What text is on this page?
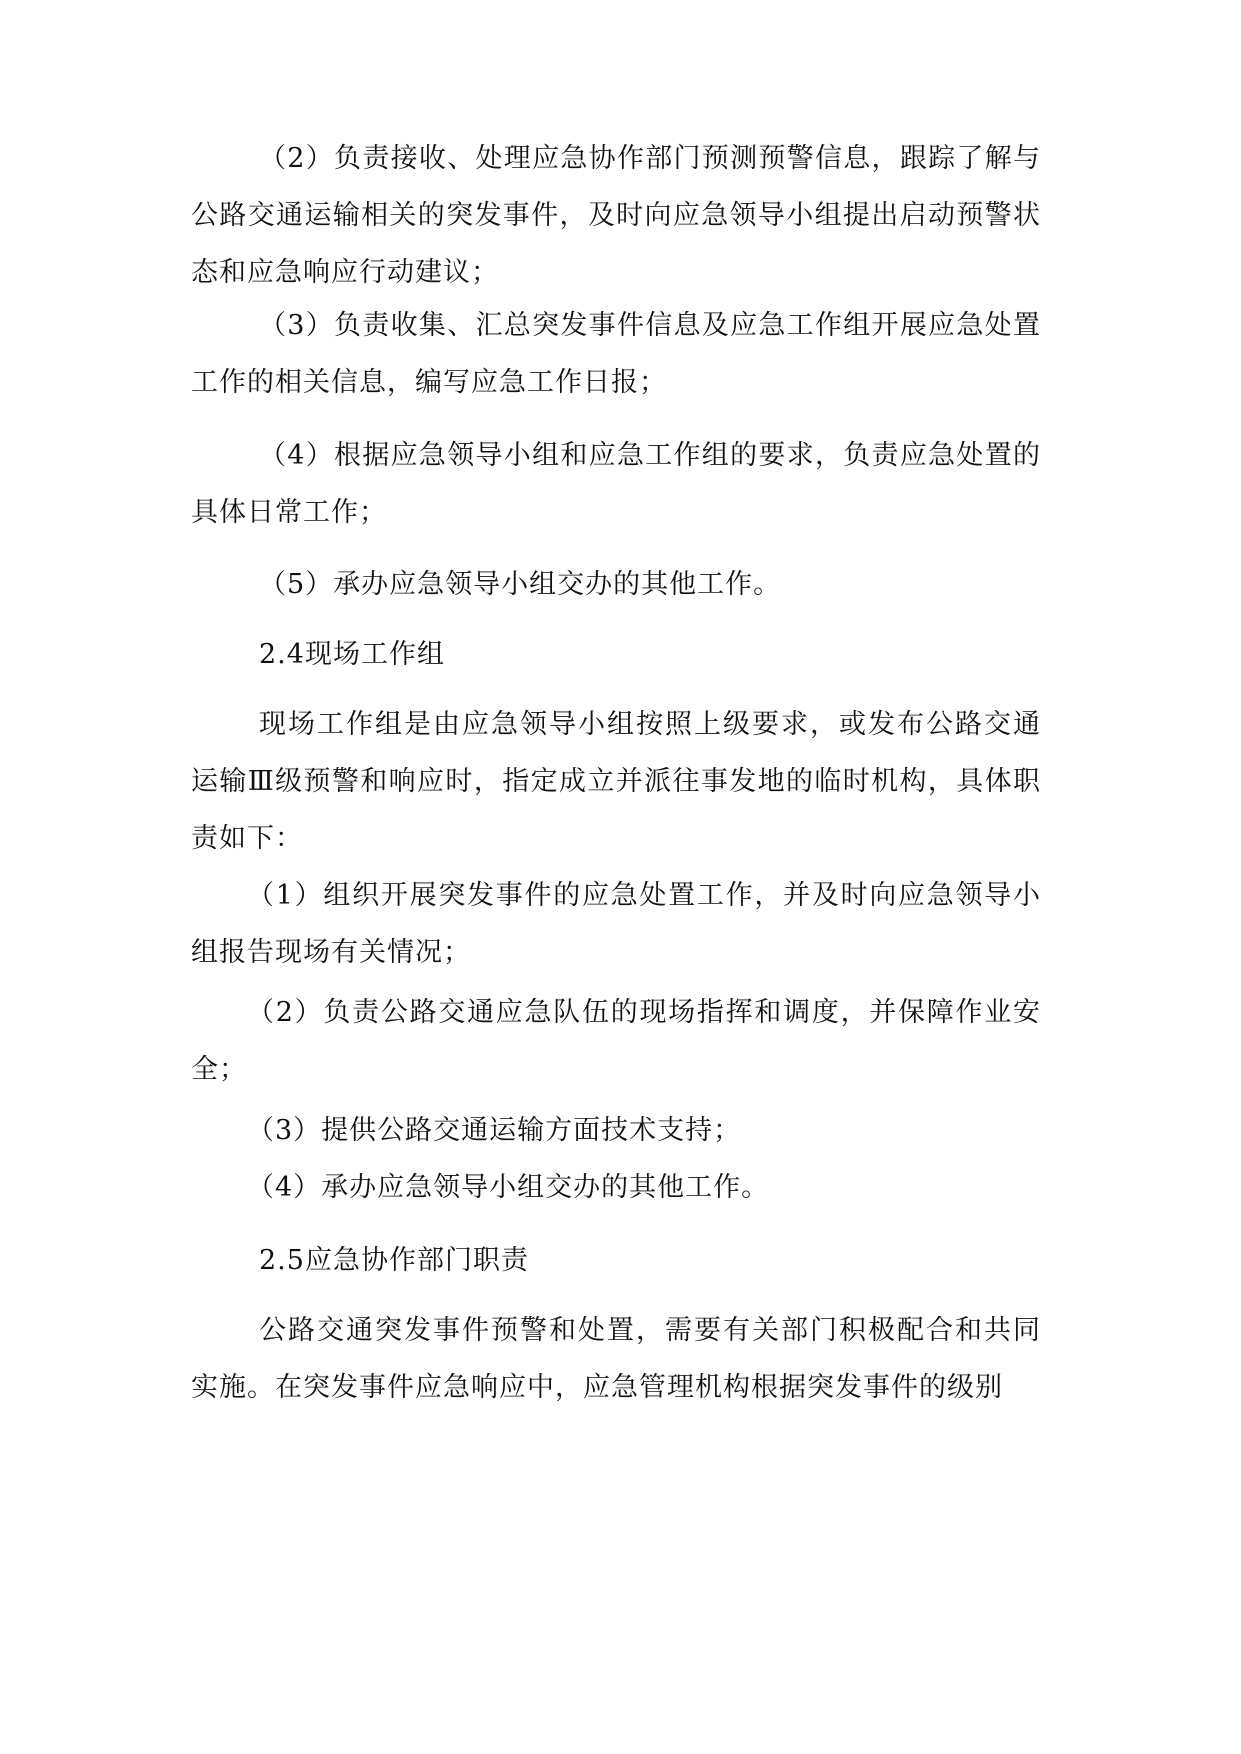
（2）负责接收、处理应急协作部门预测预警信息，跟踪了解与公路交通运输相关的突发事件，及时向应急领导小组提出启动预警状态和应急响应行动建议；

（3）负责收集、汇总突发事件信息及应急工作组开展应急处置工作的相关信息，编写应急工作日报；

（4）根据应急领导小组和应急工作组的要求，负责应急处置的具体日常工作；

（5）承办应急领导小组交办的其他工作。

2.4现场工作组

现场工作组是由应急领导小组按照上级要求，或发布公路交通运输Ⅲ级预警和响应时，指定成立并派往事发地的临时机构，具体职责如下：

（1）组织开展突发事件的应急处置工作，并及时向应急领导小组报告现场有关情况；

（2）负责公路交通应急队伍的现场指挥和调度，并保障作业安全；

（3）提供公路交通运输方面技术支持；

（4）承办应急领导小组交办的其他工作。

2.5应急协作部门职责

公路交通突发事件预警和处置，需要有关部门积极配合和共同实施。在突发事件应急响应中，应急管理机构根据突发事件的级别
